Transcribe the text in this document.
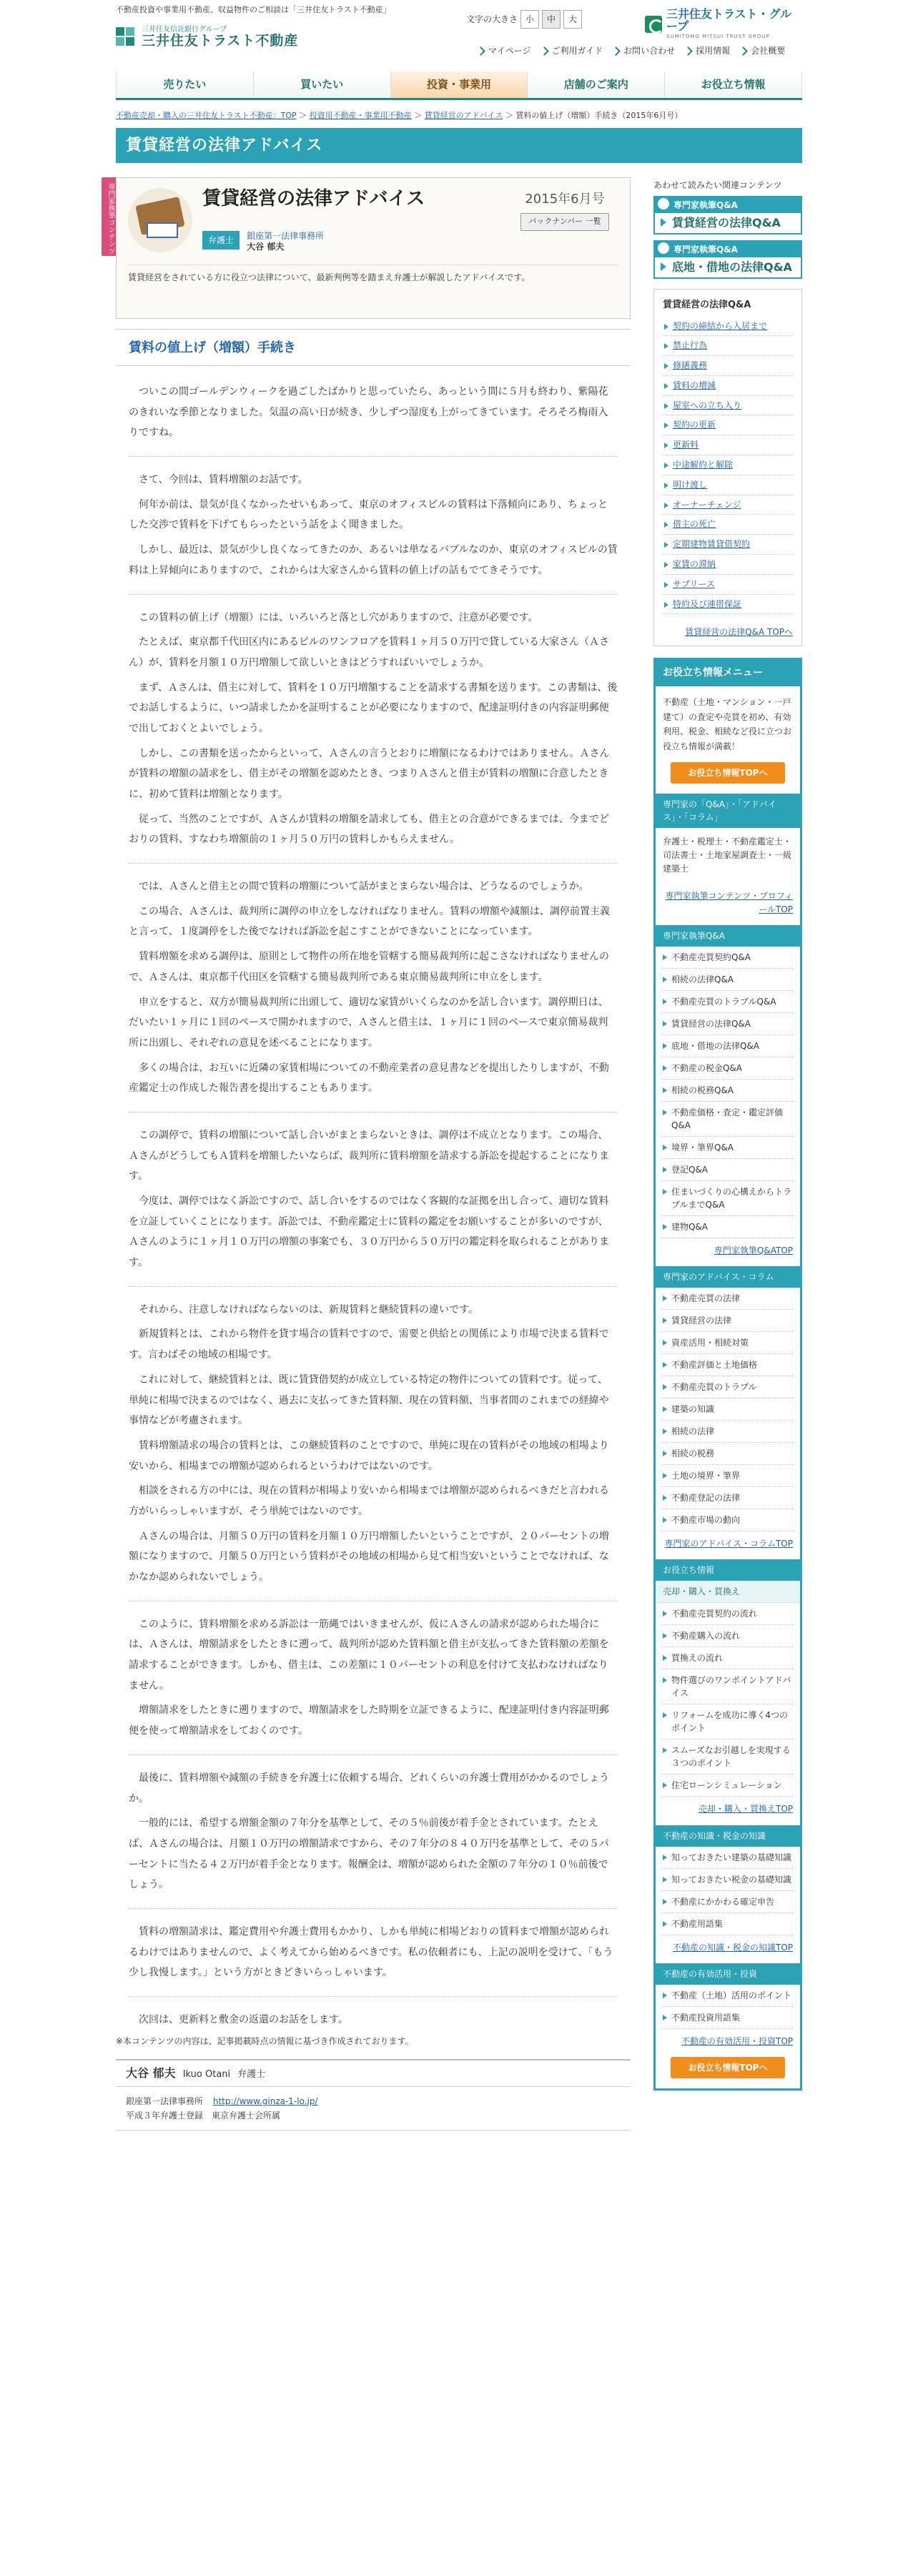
不動産投資や事業用不動産、収益物件のご相談は「三井住友トラスト不動産」
三井住友信託銀行グループ
三井住友トラスト不動産
文字の大きさ 小	中	大	三井住友トラスト・グループ
SUMITOMO MITSUI TRUST GROUP
マイページ	ご利用ガイド	お問い合わせ	採用情報	会社概要
売りたい	買いたい	投資・事業用	店舗のご案内	お役立ち情報
不動産売却・購入の三井住友トラスト不動産：TOP ＞ 投資用不動産・事業用不動産 ＞ 賃貸経営のアドバイス ＞ 賃料の値上げ（増額）手続き（2015年6月号）
賃貸経営の法律アドバイス
専門家執筆コンテンツ	賃貸経営の法律アドバイス	2015年6月号
バックナンバー 一覧
弁護士 銀座第一法律事務所
大谷 郁夫
賃貸経営をされている方に役立つ法律について、最新判例等を踏まえ弁護士が解説したアドバイスです。
賃料の値上げ（増額）手続き

ついこの間ゴールデンウィークを過ごしたばかりと思っていたら、あっという間に５月も終わり、紫陽花のきれいな季節となりました。気温の高い日が続き、少しずつ湿度も上がってきています。そろそろ梅雨入りですね。

さて、今回は、賃料増額のお話です。

何年か前は、景気が良くなかったせいもあって、東京のオフィスビルの賃料は下落傾向にあり、ちょっとした交渉で賃料を下げてもらったという話をよく聞きました。

しかし、最近は、景気が少し良くなってきたのか、あるいは単なるバブルなのか、東京のオフィスビルの賃料は上昇傾向にありますので、これからは大家さんから賃料の値上げの話もでてきそうです。

この賃料の値上げ（増額）には、いろいろと落とし穴がありますので、注意が必要です。

たとえば、東京都千代田区内にあるビルのワンフロアを賃料１ヶ月５０万円で貸している大家さん（Ａさん）が、賃料を月額１０万円増額して欲しいときはどうすればいいでしょうか。

まず、Ａさんは、借主に対して、賃料を１０万円増額することを請求する書類を送ります。この書類は、後でお話しするように、いつ請求したかを証明することが必要になりますので、配達証明付きの内容証明郵便で出しておくとよいでしょう。

しかし、この書類を送ったからといって、Ａさんの言うとおりに増額になるわけではありません。Ａさんが賃料の増額の請求をし、借主がその増額を認めたとき、つまりＡさんと借主が賃料の増額に合意したときに、初めて賃料は増額となります。

従って、当然のことですが、Ａさんが賃料の増額を請求しても、借主との合意ができるまでは、今までどおりの賃料、すなわち増額前の１ヶ月５０万円の賃料しかもらえません。

では、Ａさんと借主との間で賃料の増額について話がまとまらない場合は、どうなるのでしょうか。

この場合、Ａさんは、裁判所に調停の申立をしなければなりません。賃料の増額や減額は、調停前置主義と言って、１度調停をした後でなければ訴訟を起こすことができないことになっています。

賃料増額を求める調停は、原則として物件の所在地を管轄する簡易裁判所に起こさなければなりませんので、Ａさんは、東京都千代田区を管轄する簡易裁判所である東京簡易裁判所に申立をします。

申立をすると、双方が簡易裁判所に出頭して、適切な家賃がいくらなのかを話し合います。調停期日は、だいたい１ヶ月に１回のペースで開かれますので、Ａさんと借主は、１ヶ月に１回のペースで東京簡易裁判所に出頭し、それぞれの意見を述べることになります。

多くの場合は、お互いに近隣の家賃相場についての不動産業者の意見書などを提出したりしますが、不動産鑑定士の作成した報告書を提出することもあります。

この調停で、賃料の増額について話し合いがまとまらないときは、調停は不成立となります。この場合、ＡさんがどうしてもＡ賃料を増額したいならば、裁判所に賃料増額を請求する訴訟を提起することになります。

今度は、調停ではなく訴訟ですので、話し合いをするのではなく客観的な証拠を出し合って、適切な賃料を立証していくことになります。訴訟では、不動産鑑定士に賃料の鑑定をお願いすることが多いのですが、Ａさんのように１ヶ月１０万円の増額の事案でも、３０万円から５０万円の鑑定料を取られることがあります。

それから、注意しなければならないのは、新規賃料と継続賃料の違いです。

新規賃料とは、これから物件を貸す場合の賃料ですので、需要と供給との関係により市場で決まる賃料です。言わばその地域の相場です。

これに対して、継続賃料とは、既に賃貸借契約が成立している特定の物件についての賃料です。従って、単純に相場で決まるのではなく、過去に支払ってきた賃料額、現在の賃料額、当事者間のこれまでの経緯や事情などが考慮されます。

賃料増額請求の場合の賃料とは、この継続賃料のことですので、単純に現在の賃料がその地域の相場より安いから、相場までの増額が認められるというわけではないのです。

相談をされる方の中には、現在の賃料が相場より安いから相場までは増額が認められるべきだと言われる方がいらっしゃいますが、そう単純ではないのです。

Ａさんの場合は、月額５０万円の賃料を月額１０万円増額したいということですが、２０パーセントの増額になりますので、月額５０万円という賃料がその地域の相場から見て相当安いということでなければ、なかなか認められないでしょう。

このように、賃料増額を求める訴訟は一筋縄ではいきませんが、仮にＡさんの請求が認められた場合には、Ａさんは、増額請求をしたときに遡って、裁判所が認めた賃料額と借主が支払ってきた賃料額の差額を請求することができます。しかも、借主は、この差額に１０パーセントの利息を付けて支払わなければなりません。

増額請求をしたときに遡りますので、増額請求をした時期を立証できるように、配達証明付き内容証明郵便を使って増額請求をしておくのです。

最後に、賃料増額や減額の手続きを弁護士に依頼する場合、どれくらいの弁護士費用がかかるのでしょうか。

一般的には、希望する増額金額の７年分を基準として、その５％前後が着手金とされています。たとえば、Ａさんの場合は、月額１０万円の増額請求ですから、その７年分の８４０万円を基準として、その５パーセントに当たる４２万円が着手金となります。報酬金は、増額が認められた金額の７年分の１０％前後でしょう。

賃料の増額請求は、鑑定費用や弁護士費用もかかり、しかも単純に相場どおりの賃料まで増額が認められるわけではありませんので、よく考えてから始めるべきです。私の依頼者にも、上記の説明を受けて、「もう少し我慢します。」という方がときどきいらっしゃいます。

次回は、更新料と敷金の返還のお話をします。

※本コンテンツの内容は、記事掲載時点の情報に基づき作成されております。
大谷 郁夫 Ikuo Otani 弁護士
銀座第一法律事務所 http://www.ginza-1-lo.jp/
平成３年弁護士登録　東京弁護士会所属
あわせて読みたい関連コンテンツ
専門家執筆Q&A
賃貸経営の法律Q&A
専門家執筆Q&A
底地・借地の法律Q&A
賃貸経営の法律Q&A
契約の締結から入居まで
禁止行為
修繕義務
賃料の増減
屋室への立ち入り
契約の更新
更新料
中途解約と解除
明け渡し
オーナーチェンジ
借主の死亡
定期建物賃貸借契約
家賃の滞納
サブリース
特約及び連帯保証
賃貸経営の法律Q&A TOPへ
お役立ち情報メニュー
不動産（土地・マンション・一戸建て）の査定や売買を初め、有効利用、税金、相続など役に立つお役立ち情報が満載！
お役立ち情報TOPへ
専門家の「Q&A」・「アドバイス」・「コラム」
弁護士・税理士・不動産鑑定士・司法書士・土地家屋調査士・一級建築士
専門家執筆コンテンツ・プロフィールTOP
専門家執筆Q&A
不動産売買契約Q&A
相続の法律Q&A
不動産売買のトラブルQ&A
賃貸経営の法律Q&A
底地・借地の法律Q&A
不動産の税金Q&A
相続の税務Q&A
不動産価格・査定・鑑定評価Q&A
境界・筆界Q&A
登記Q&A
住まいづくりの心構えからトラブルまでQ&A
建物Q&A
専門家執筆Q&ATOP
専門家のアドバイス・コラム
不動産売買の法律
賃貸経営の法律
資産活用・相続対策
不動産評価と土地価格
不動産売買のトラブル
建築の知識
相続の法律
相続の税務
土地の境界・筆界
不動産登記の法律
不動産市場の動向
専門家のアドバイス・コラムTOP
お役立ち情報
売却・購入・買換え
不動産売買契約の流れ
不動産購入の流れ
買換えの流れ
物件選びのワンポイントアドバイス
リフォームを成功に導く4つのポイント
スムーズなお引越しを実現する３つのポイント
住宅ローンシミュレーション
売却・購入・買換えTOP
不動産の知識・税金の知識
知っておきたい建築の基礎知識
知っておきたい税金の基礎知識
不動産にかかわる確定申告
不動産用語集
不動産の知識・税金の知識TOP
不動産の有効活用・投資
不動産（土地）活用のポイント
不動産投資用語集
不動産の有効活用・投資TOP
お役立ち情報TOPへ
